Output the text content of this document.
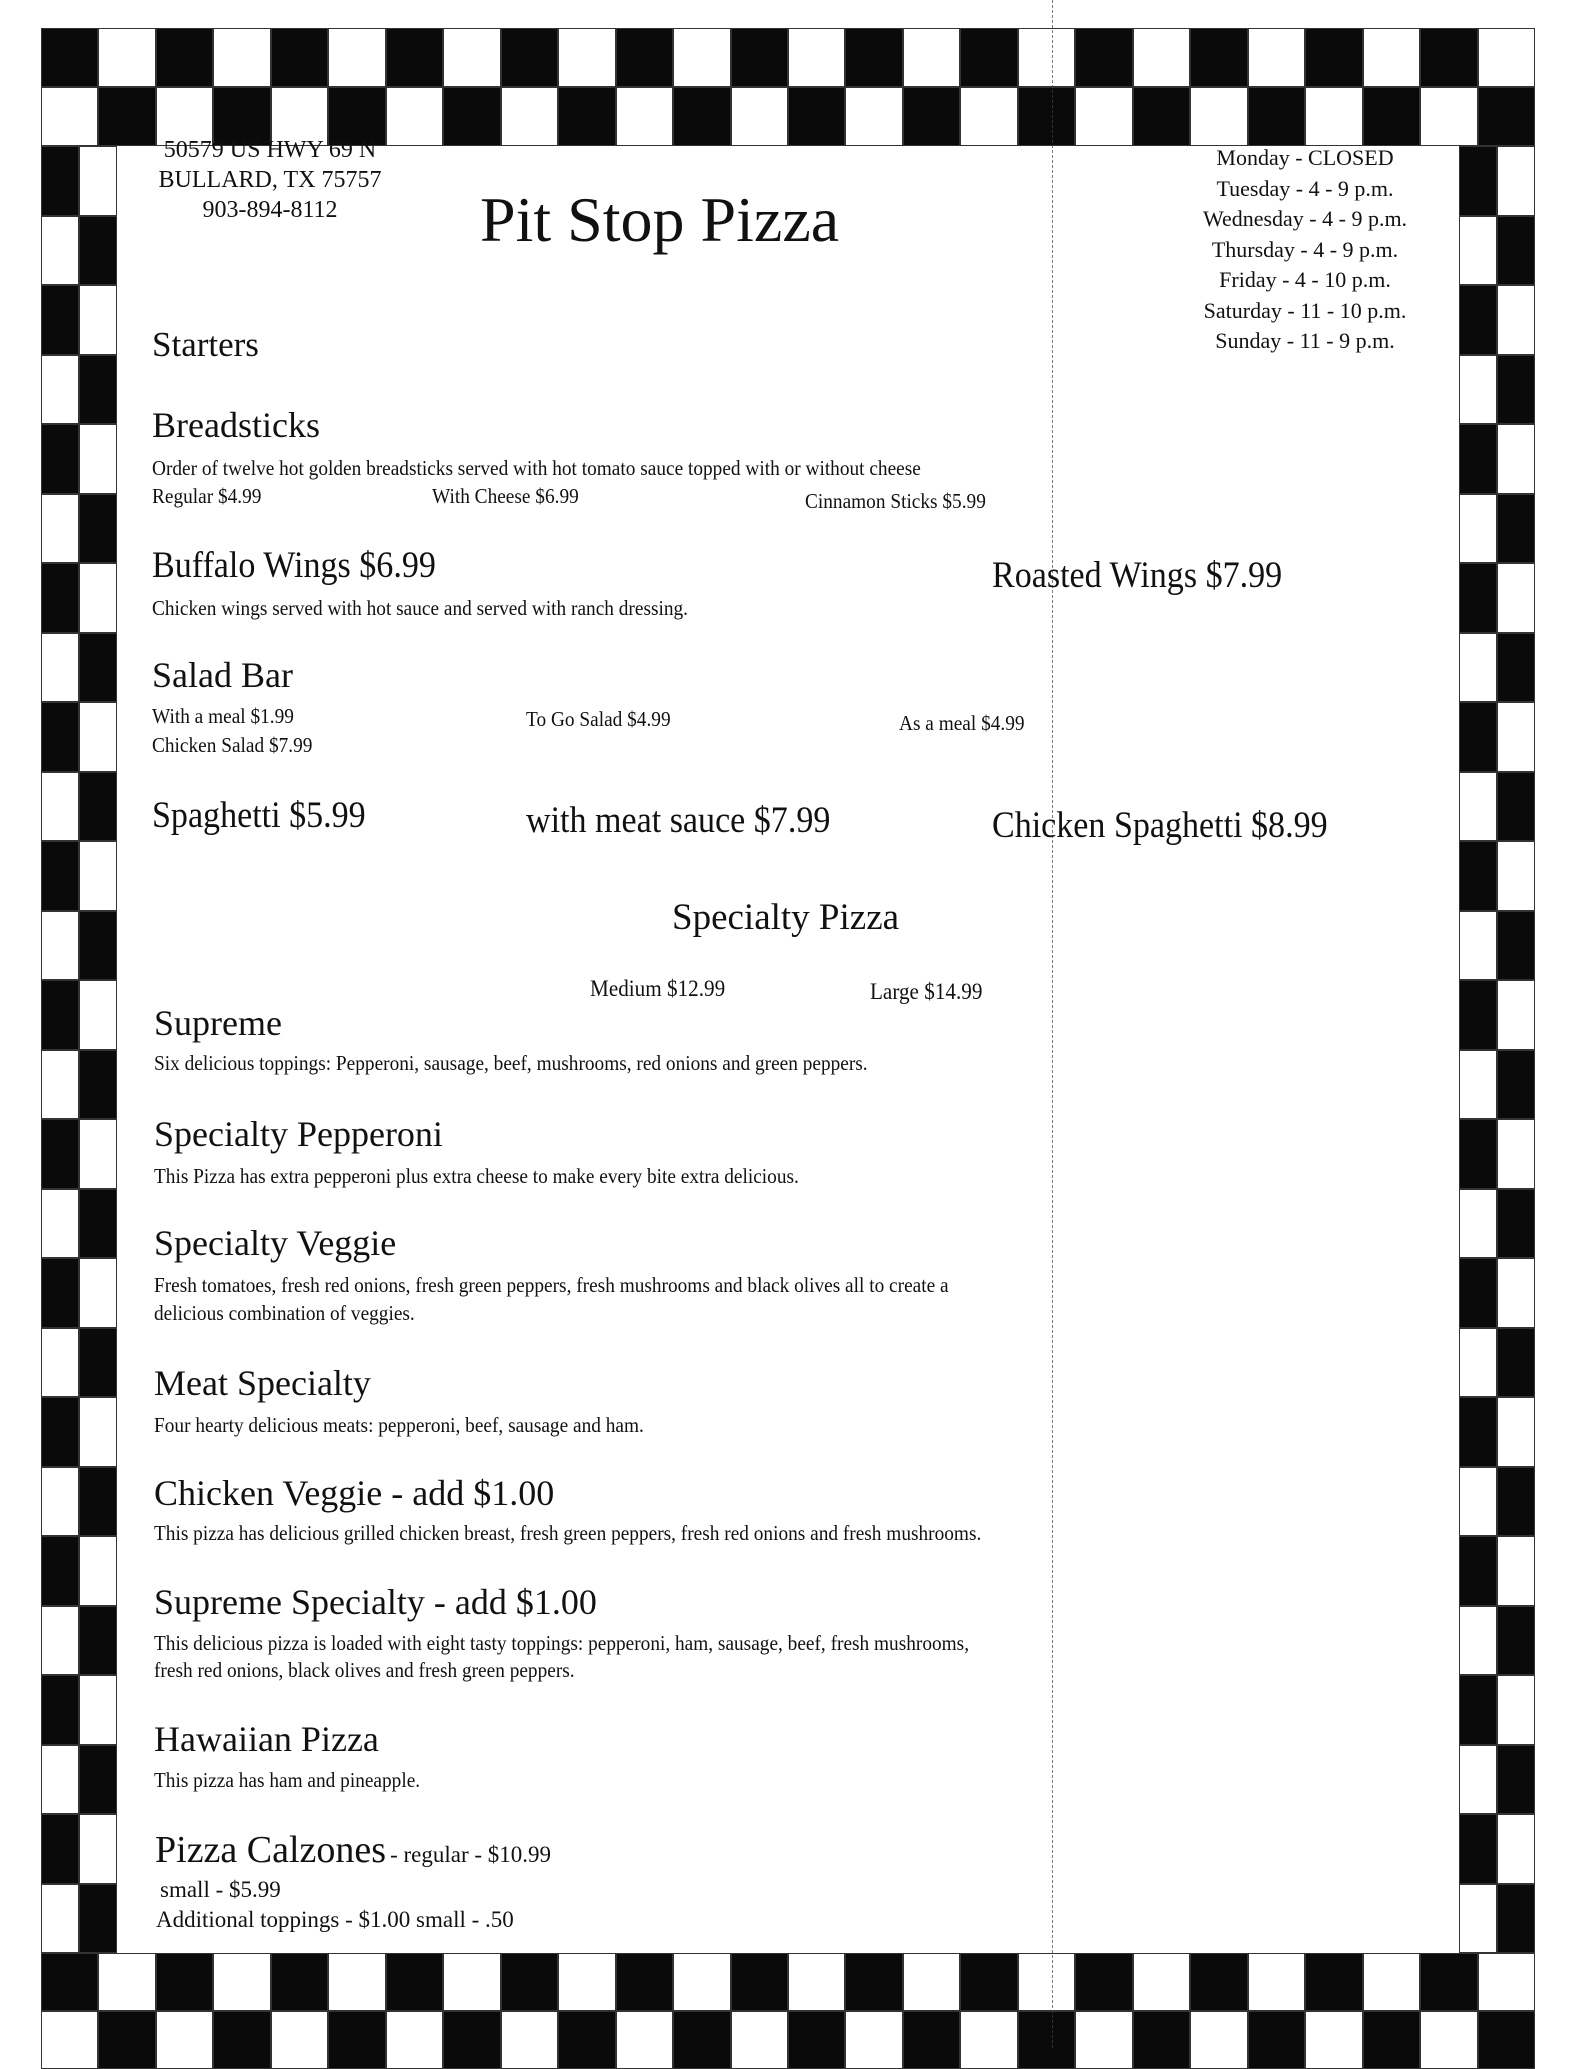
50579 US HWY 69 N
BULLARD, TX 75757
903-894-8112	Pit Stop Pizza
Monday - CLOSED
Tuesday - 4 - 9 p.m.
Wednesday - 4 - 9 p.m.
Thursday - 4 - 9 p.m.
Friday - 4 - 10 p.m.
Saturday - 11 - 10 p.m.
Sunday - 11 - 9 p.m.
Starters
Breadsticks
Order of twelve hot golden breadsticks served with hot tomato sauce topped with or without cheese
Regular $4.99	With Cheese $6.99	Cinnamon Sticks $5.99
Buffalo Wings $6.99
Chicken wings served with hot sauce and served with ranch dressing.
Roasted Wings $7.99
Salad Bar
With a meal $1.99
Chicken Salad $7.99
To Go Salad $4.99	As a meal $4.99
Spaghetti $5.99	with meat sauce $7.99	Chicken Spaghetti $8.99
Specialty Pizza
Medium $12.99	Large $14.99
Supreme
Six delicious toppings: Pepperoni, sausage, beef, mushrooms, red onions and green peppers.
Specialty Pepperoni
This Pizza has extra pepperoni plus extra cheese to make every bite extra delicious.
Specialty Veggie
Fresh tomatoes, fresh red onions, fresh green peppers, fresh mushrooms and black olives all to create a
delicious combination of veggies.
Meat Specialty
Four hearty delicious meats: pepperoni, beef, sausage and ham.
Chicken Veggie - add $1.00
This pizza has delicious grilled chicken breast, fresh green peppers, fresh red onions and fresh mushrooms.
Supreme Specialty - add $1.00
This delicious pizza is loaded with eight tasty toppings: pepperoni, ham, sausage, beef, fresh mushrooms,
fresh red onions, black olives and fresh green peppers.
Hawaiian Pizza
This pizza has ham and pineapple.
Pizza Calzones - regular - $10.99
small - $5.99
Additional toppings - $1.00 small - .50
